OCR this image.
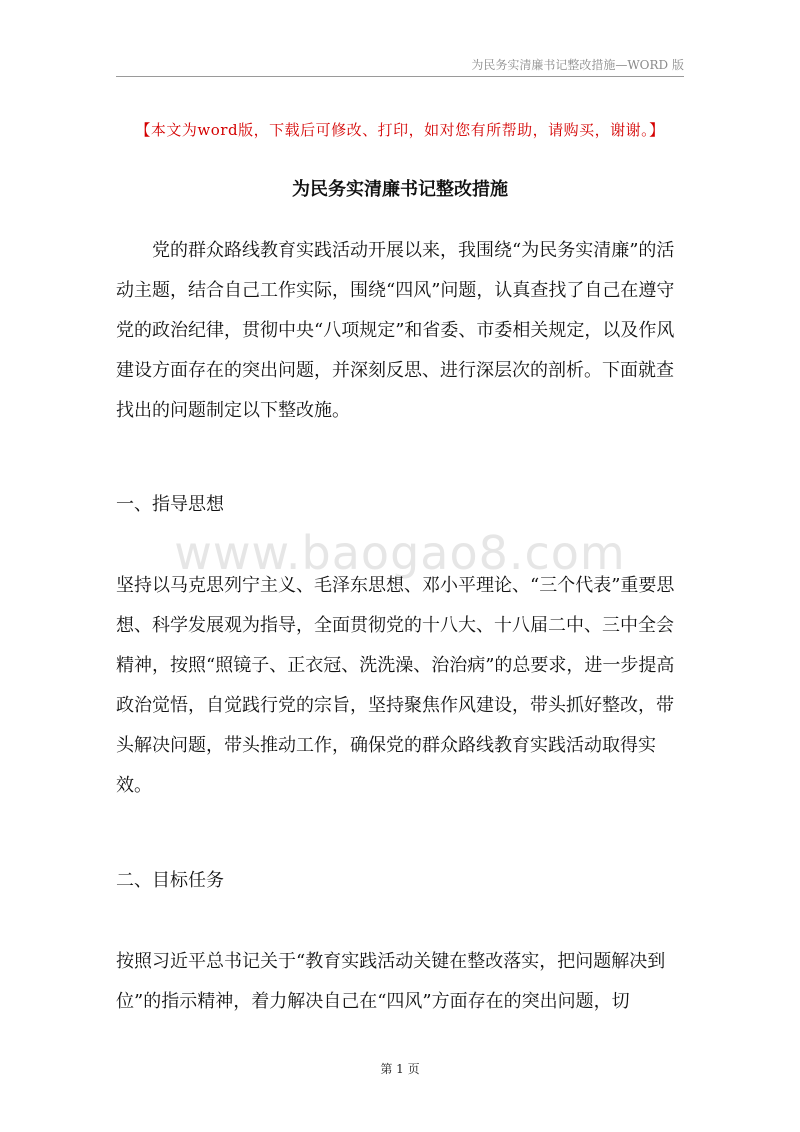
为民务实清廉书记整改措施—WORD 版
【本文为word版，下载后可修改、打印，如对您有所帮助，请购买，谢谢。】
为民务实清廉书记整改措施

党的群众路线教育实践活动开展以来，我围绕“为民务实清廉”的活动主题，结合自己工作实际，围绕“四风”问题，认真查找了自己在遵守党的政治纪律，贯彻中央“八项规定”和省委、市委相关规定，以及作风建设方面存在的突出问题，并深刻反思、进行深层次的剖析。下面就查找出的问题制定以下整改施。

一、指导思想
www.baogao8.com

坚持以马克思列宁主义、毛泽东思想、邓小平理论、“三个代表”重要思想、科学发展观为指导，全面贯彻党的十八大、十八届二中、三中全会精神，按照“照镜子、正衣冠、洗洗澡、治治病”的总要求，进一步提高政治觉悟，自觉践行党的宗旨，坚持聚焦作风建设，带头抓好整改，带头解决问题，带头推动工作，确保党的群众路线教育实践活动取得实效。

二、目标任务

按照习近平总书记关于“教育实践活动关键在整改落实，把问题解决到位”的指示精神，着力解决自己在“四风”方面存在的突出问题，切

第 1 页
